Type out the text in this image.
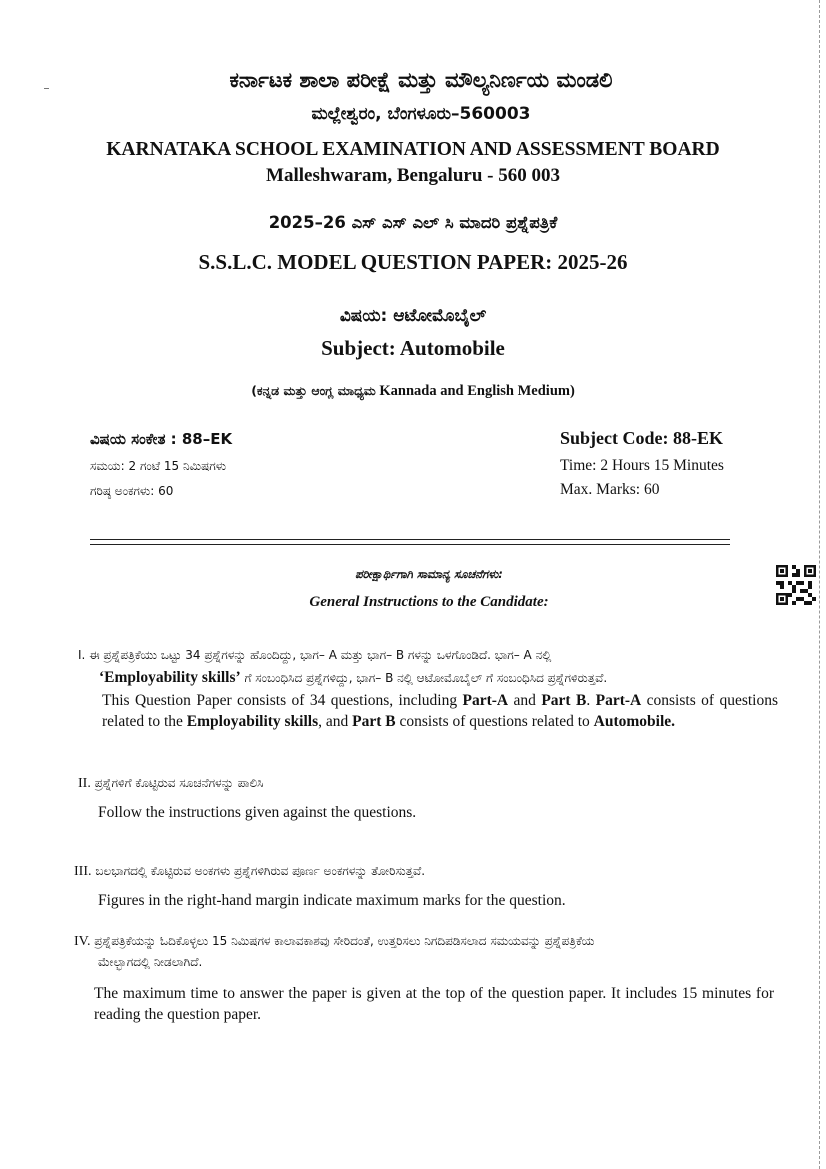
ಕರ್ನಾಟಕ ಶಾಲಾ ಪರೀಕ್ಷೆ ಮತ್ತು ಮೌಲ್ಯನಿರ್ಣಯ ಮಂಡಲಿ
ಮಲ್ಲೇಶ್ವರಂ, ಬೆಂಗಳೂರು–560003
KARNATAKA SCHOOL EXAMINATION AND ASSESSMENT BOARD
Malleshwaram, Bengaluru - 560 003
2025–26 ಎಸ್ ಎಸ್ ಎಲ್ ಸಿ ಮಾದರಿ ಪ್ರಶ್ನೆಪತ್ರಿಕೆ
S.S.L.C. MODEL QUESTION PAPER: 2025-26
ವಿಷಯ: ಆಟೋಮೊಬೈಲ್
Subject: Automobile
(ಕನ್ನಡ ಮತ್ತು ಆಂಗ್ಲ ಮಾಧ್ಯಮ Kannada and English Medium)
ವಿಷಯ ಸಂಕೇತ : 88–EK
ಸಮಯ: 2 ಗಂಟೆ 15 ನಿಮಿಷಗಳು
ಗರಿಷ್ಠ ಅಂಕಗಳು: 60
Subject Code: 88-EK
Time: 2 Hours 15 Minutes
Max. Marks: 60
ಪರೀಕ್ಷಾರ್ಥಿಗಾಗಿ ಸಾಮಾನ್ಯ ಸೂಚನೆಗಳು:
General Instructions to the Candidate:
I. ಈ ಪ್ರಶ್ನೆಪತ್ರಿಕೆಯು ಒಟ್ಟು 34 ಪ್ರಶ್ನೆಗಳನ್ನು ಹೊಂದಿದ್ದು, ಭಾಗ– A ಮತ್ತು ಭಾಗ– B ಗಳನ್ನು ಒಳಗೊಂಡಿದೆ. ಭಾಗ– A ನಲ್ಲಿ
‘Employability skills’ ಗೆ ಸಂಬಂಧಿಸಿದ ಪ್ರಶ್ನೆಗಳಿದ್ದು, ಭಾಗ– B ನಲ್ಲಿ ಆಟೋಮೊಬೈಲ್ ಗೆ ಸಂಬಂಧಿಸಿದ ಪ್ರಶ್ನೆಗಳಿರುತ್ತವೆ.
This Question Paper consists of 34 questions, including Part-A and Part B. Part-A consists of questions related to the Employability skills, and Part B consists of questions related to Automobile.
II. ಪ್ರಶ್ನೆಗಳಿಗೆ ಕೊಟ್ಟಿರುವ ಸೂಚನೆಗಳನ್ನು ಪಾಲಿಸಿ
Follow the instructions given against the questions.
III. ಬಲಭಾಗದಲ್ಲಿ ಕೊಟ್ಟಿರುವ ಅಂಕಗಳು ಪ್ರಶ್ನೆಗಳಿಗಿರುವ ಪೂರ್ಣ ಅಂಕಗಳನ್ನು ತೋರಿಸುತ್ತವೆ.
Figures in the right-hand margin indicate maximum marks for the question.
IV. ಪ್ರಶ್ನೆಪತ್ರಿಕೆಯನ್ನು ಓದಿಕೊಳ್ಳಲು 15 ನಿಮಿಷಗಳ ಕಾಲಾವಕಾಶವು ಸೇರಿದಂತೆ, ಉತ್ತರಿಸಲು ನಿಗದಿಪಡಿಸಲಾದ ಸಮಯವನ್ನು ಪ್ರಶ್ನೆಪತ್ರಿಕೆಯ
ಮೇಲ್ಭಾಗದಲ್ಲಿ ನೀಡಲಾಗಿದೆ.
The maximum time to answer the paper is given at the top of the question paper. It includes 15 minutes for reading the question paper.
